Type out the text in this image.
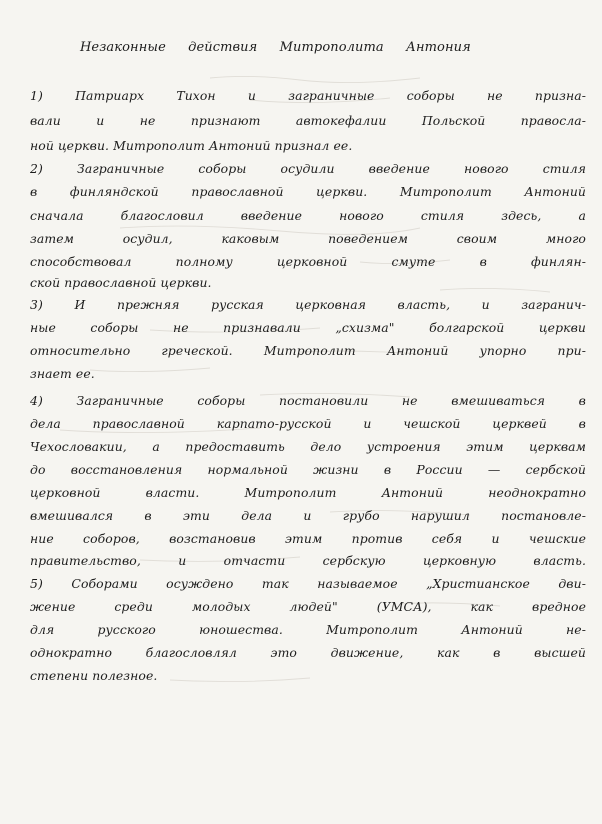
Незаконные действия Митрополита Антония
1) Патриарх Тихон и заграничные соборы не призна-
вали и не признают автокефалии Польской правосла-
ной церкви. Митрополит Антоний признал ее.
2) Заграничные соборы осудили введение нового стиля
в финляндской православной церкви. Митрополит Антоний
сначала благословил введение нового стиля здесь, а
затем осудил, каковым поведением своим много
способствовал полному церковной смуте в финлян-
ской православной церкви.
3) И прежняя русская церковная власть, и загранич-
ные соборы не признавали „схизма" болгарской церкви
относительно греческой. Митрополит Антоний упорно при-
знает ее.
4) Заграничные соборы постановили не вмешиваться в
дела православной карпато-русской и чешской церквей в
Чехословакии, а предоставить дело устроения этим церквам
до восстановления нормальной жизни в России — сербской
церковной власти. Митрополит Антоний неоднократно
вмешивался в эти дела и грубо нарушил постановле-
ние соборов, возстановив этим против себя и чешские
правительство, и отчасти сербскую церковную власть.
5) Соборами осуждено так называемое „Христианское дви-
жение среди молодых людей" (УМСА), как вредное
для русского юношества. Митрополит Антоний не-
однократно благословлял это движение, как в высшей
степени полезное.
